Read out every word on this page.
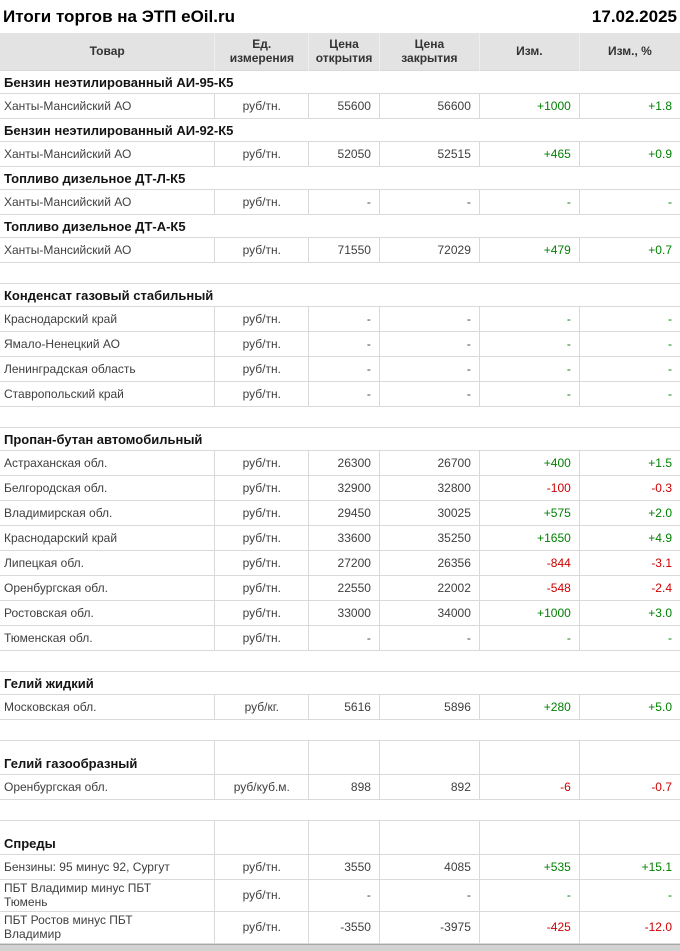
Итоги торгов на ЭТП eOil.ru	17.02.2025
Товар	Ед. измерения	Цена открытия	Цена закрытия	Изм.	Изм., %
Бензин неэтилированный АИ-95-К5					
Ханты-Мансийский АО	руб/тн.	55600	56600	+1000	+1.8
Бензин неэтилированный АИ-92-К5					
Ханты-Мансийский АО	руб/тн.	52050	52515	+465	+0.9
Топливо дизельное ДТ-Л-К5					
Ханты-Мансийский АО	руб/тн.	-	-	-	-
Топливо дизельное ДТ-А-К5					
Ханты-Мансийский АО	руб/тн.	71550	72029	+479	+0.7

Конденсат газовый стабильный					
Краснодарский край	руб/тн.	-	-	-	-
Ямало-Ненецкий АО	руб/тн.	-	-	-	-
Ленинградская область	руб/тн.	-	-	-	-
Ставропольский край	руб/тн.	-	-	-	-

Пропан-бутан автомобильный					
Астраханская обл.	руб/тн.	26300	26700	+400	+1.5
Белгородская обл.	руб/тн.	32900	32800	-100	-0.3
Владимирская обл.	руб/тн.	29450	30025	+575	+2.0
Краснодарский край	руб/тн.	33600	35250	+1650	+4.9
Липецкая обл.	руб/тн.	27200	26356	-844	-3.1
Оренбургская обл.	руб/тн.	22550	22002	-548	-2.4
Ростовская обл.	руб/тн.	33000	34000	+1000	+3.0
Тюменская обл.	руб/тн.	-	-	-	-

Гелий жидкий					
Московская обл.	руб/кг.	5616	5896	+280	+5.0

Гелий газообразный					
Оренбургская обл.	руб/куб.м.	898	892	-6	-0.7

Спреды					
Бензины: 95 минус 92, Сургут	руб/тн.	3550	4085	+535	+15.1
ПБТ Владимир минус ПБТ Тюмень	руб/тн.	-	-	-	-
ПБТ Ростов минус ПБТ Владимир	руб/тн.	-3550	-3975	-425	-12.0
